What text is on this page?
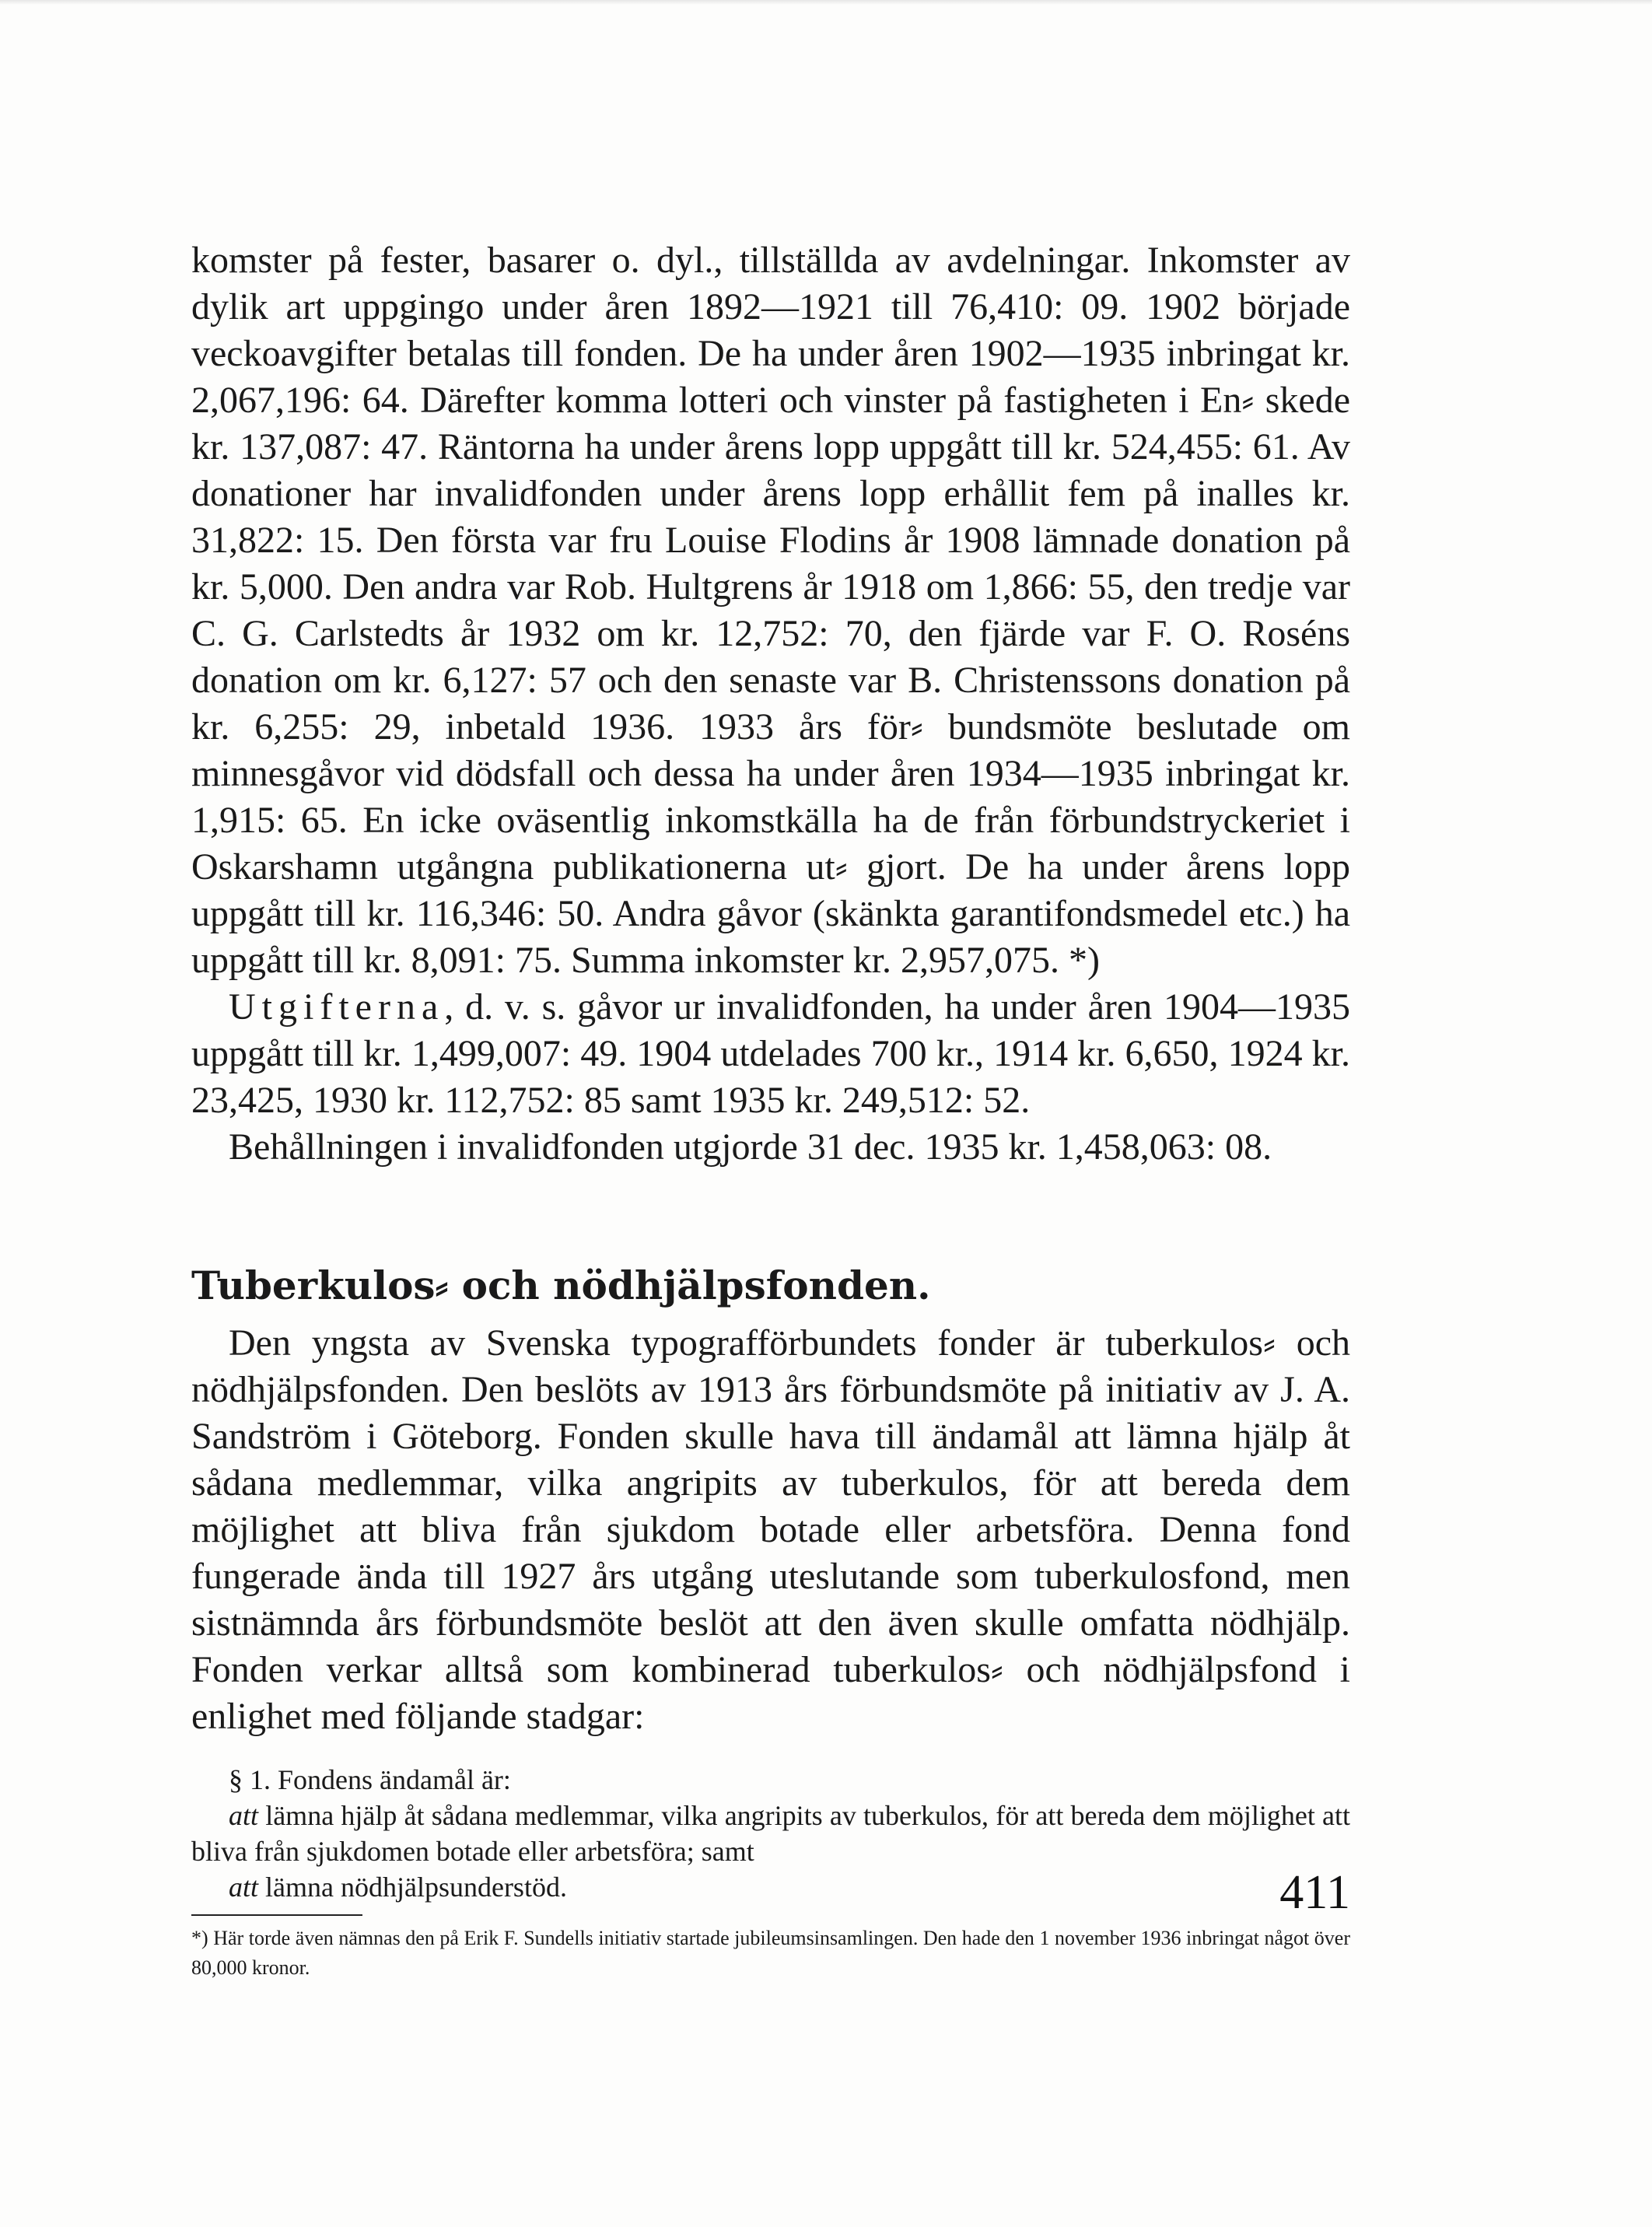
komster på fester, basarer o. dyl., tillställda av avdelningar. Inkomster av dylik art uppgingo under åren 1892—1921 till 76,410: 09. 1902 började veckoavgifter betalas till fonden. De ha under åren 1902—1935 inbringat kr. 2,067,196: 64. Därefter komma lotteri och vinster på fastigheten i En⸗ skede kr. 137,087: 47. Räntorna ha under årens lopp uppgått till kr. 524,455: 61. Av donationer har invalidfonden under årens lopp erhållit fem på inalles kr. 31,822: 15. Den första var fru Louise Flodins år 1908 lämnade donation på kr. 5,000. Den andra var Rob. Hultgrens år 1918 om 1,866: 55, den tredje var C. G. Carlstedts år 1932 om kr. 12,752: 70, den fjärde var F. O. Roséns donation om kr. 6,127: 57 och den senaste var B. Christenssons donation på kr. 6,255: 29, inbetald 1936. 1933 års för⸗ bundsmöte beslutade om minnesgåvor vid dödsfall och dessa ha under åren 1934—1935 inbringat kr. 1,915: 65. En icke oväsentlig inkomstkälla ha de från förbundstryckeriet i Oskarshamn utgångna publikationerna ut⸗ gjort. De ha under årens lopp uppgått till kr. 116,346: 50. Andra gåvor (skänkta garantifondsmedel etc.) ha uppgått till kr. 8,091: 75. Summa inkomster kr. 2,957,075. *)

Utgifterna, d. v. s. gåvor ur invalidfonden, ha under åren 1904—1935 uppgått till kr. 1,499,007: 49. 1904 utdelades 700 kr., 1914 kr. 6,650, 1924 kr. 23,425, 1930 kr. 112,752: 85 samt 1935 kr. 249,512: 52.

Behållningen i invalidfonden utgjorde 31 dec. 1935 kr. 1,458,063: 08.

Tuberkulos⸗ och nödhjälpsfonden.

Den yngsta av Svenska typografförbundets fonder är tuberkulos⸗ och nödhjälpsfonden. Den beslöts av 1913 års förbundsmöte på initiativ av J. A. Sandström i Göteborg. Fonden skulle hava till ändamål att lämna hjälp åt sådana medlemmar, vilka angripits av tuberkulos, för att bereda dem möjlighet att bliva från sjukdom botade eller arbetsföra. Denna fond fungerade ända till 1927 års utgång uteslutande som tuberkulosfond, men sistnämnda års förbundsmöte beslöt att den även skulle omfatta nödhjälp. Fonden verkar alltså som kombinerad tuberkulos⸗ och nödhjälpsfond i enlighet med följande stadgar:

§ 1. Fondens ändamål är:
att lämna hjälp åt sådana medlemmar, vilka angripits av tuberkulos, för att bereda dem möjlighet att bliva från sjukdomen botade eller arbetsföra; samt
att lämna nödhjälpsunderstöd.

*) Här torde även nämnas den på Erik F. Sundells initiativ startade jubileumsinsamlingen. Den hade den 1 november 1936 inbringat något över 80,000 kronor.

411
